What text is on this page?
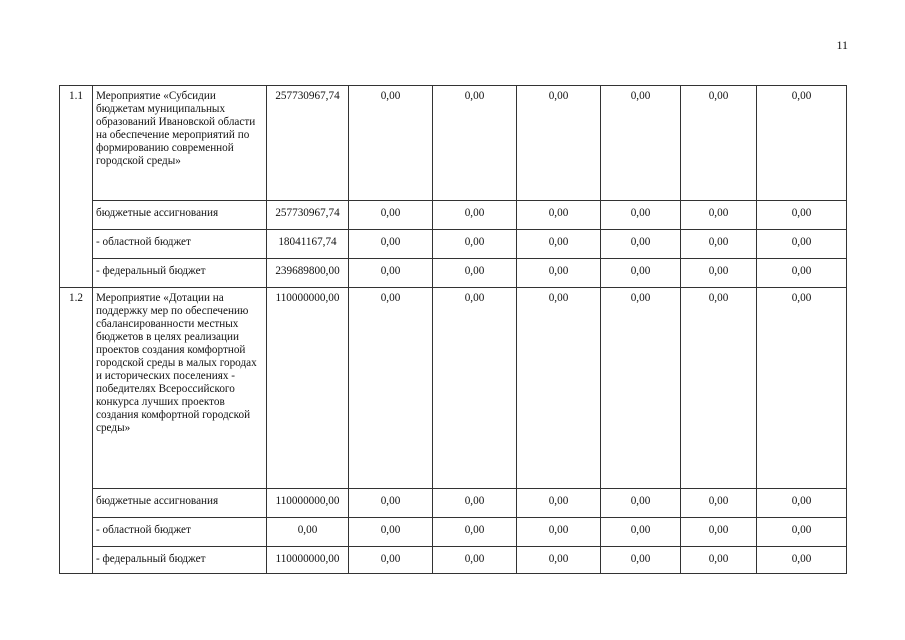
11
1.1	Мероприятие «Субсидии бюджетам муниципальных образований Ивановской области на обеспечение мероприятий по формированию современной городской среды»	257730967,74	0,00	0,00	0,00	0,00	0,00	0,00
	бюджетные ассигнования	257730967,74	0,00	0,00	0,00	0,00	0,00	0,00
	- областной бюджет	18041167,74	0,00	0,00	0,00	0,00	0,00	0,00
	- федеральный бюджет	239689800,00	0,00	0,00	0,00	0,00	0,00	0,00
1.2	Мероприятие «Дотации на поддержку мер по обеспечению сбалансированности местных бюджетов в целях реализации проектов создания комфортной городской среды в малых городах и исторических поселениях - победителях Всероссийского конкурса лучших проектов создания комфортной городской среды»	110000000,00	0,00	0,00	0,00	0,00	0,00	0,00
	бюджетные ассигнования	110000000,00	0,00	0,00	0,00	0,00	0,00	0,00
	- областной бюджет	0,00	0,00	0,00	0,00	0,00	0,00	0,00
	- федеральный бюджет	110000000,00	0,00	0,00	0,00	0,00	0,00	0,00
